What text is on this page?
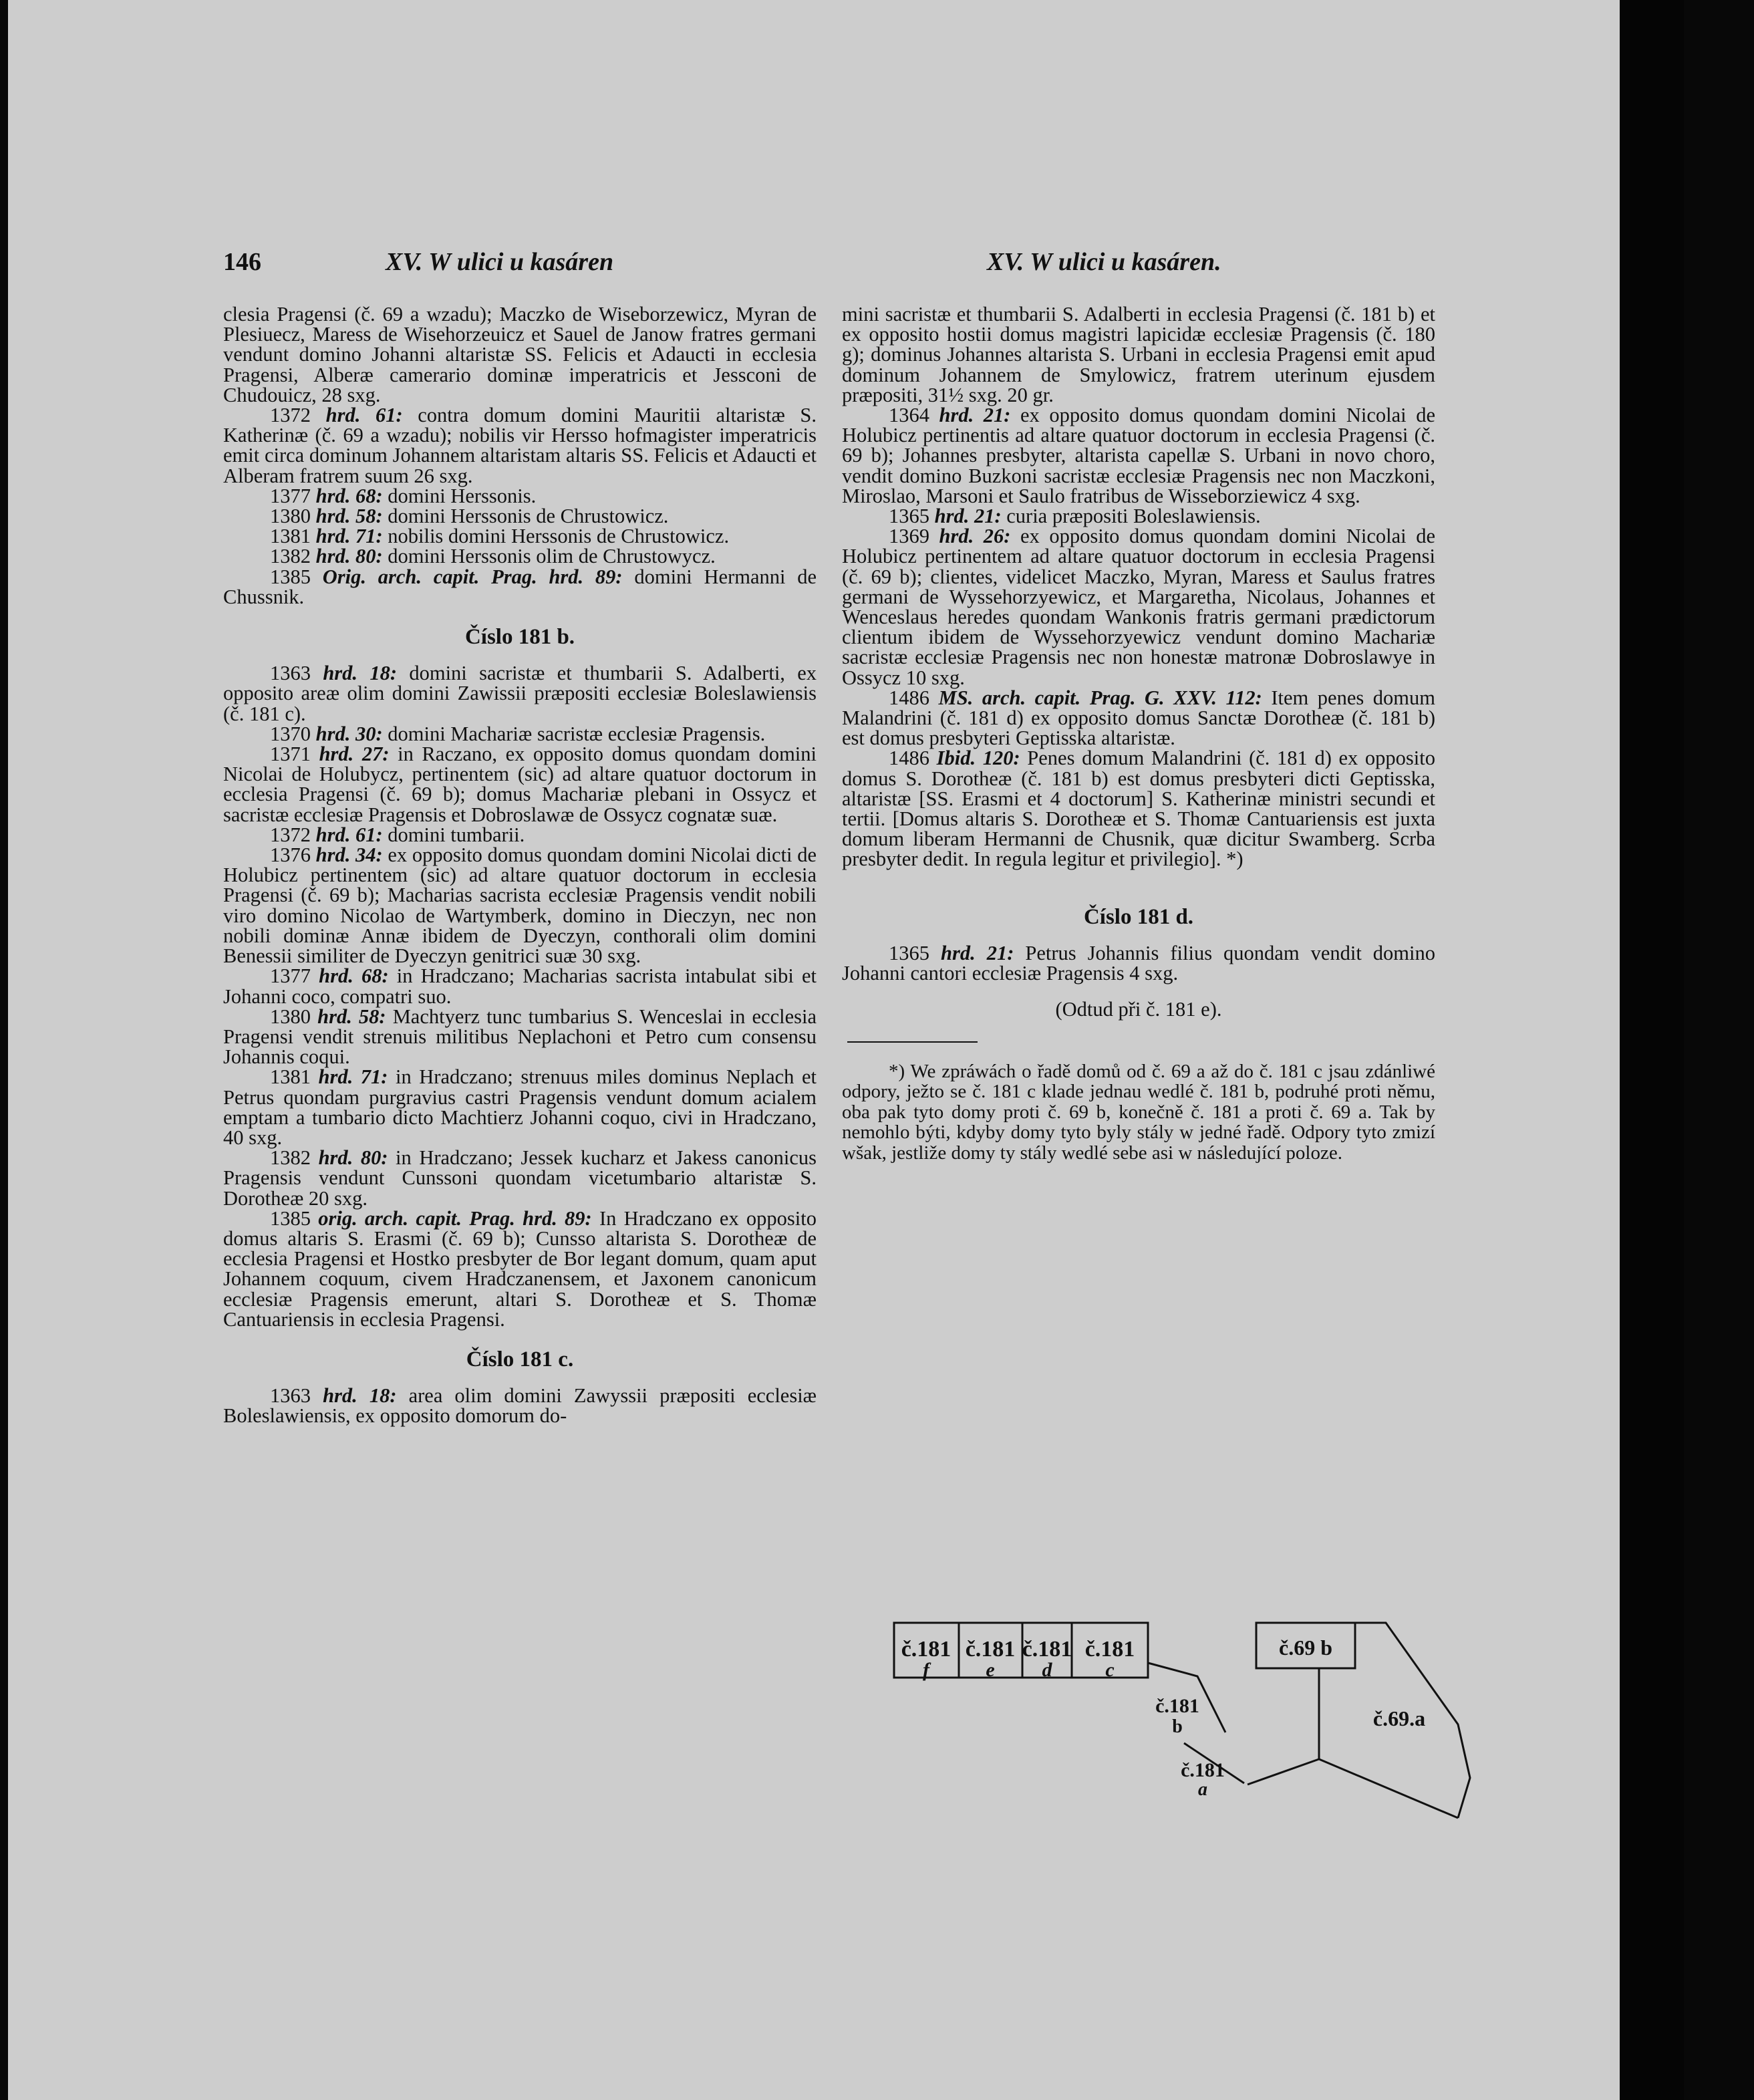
146	XV. W ulici u kasáren	XV. W ulici u kasáren.

clesia Pragensi (č. 69 a wzadu); Maczko de Wiseborzewicz, Myran de Plesiuecz, Maress de Wisehorzeuicz et Sauel de Janow fratres germani vendunt domino Johanni altaristæ SS. Felicis et Adaucti in ecclesia Pragensi, Alberæ camerario dominæ imperatricis et Jessconi de Chudouicz, 28 sxg.

1372 hrd. 61: contra domum domini Mauritii altaristæ S. Katherinæ (č. 69 a wzadu); nobilis vir Hersso hofmagister imperatricis emit circa dominum Johannem altaristam altaris SS. Felicis et Adaucti et Alberam fratrem suum 26 sxg.

1377 hrd. 68: domini Herssonis.

1380 hrd. 58: domini Herssonis de Chrustowicz.

1381 hrd. 71: nobilis domini Herssonis de Chrustowicz.

1382 hrd. 80: domini Herssonis olim de Chrustowycz.

1385 Orig. arch. capit. Prag. hrd. 89: domini Hermanni de Chussnik.

Číslo 181 b.

1363 hrd. 18: domini sacristæ et thumbarii S. Adalberti, ex opposito areæ olim domini Zawissii præpositi ecclesiæ Boleslawiensis (č. 181 c).

1370 hrd. 30: domini Machariæ sacristæ ecclesiæ Pragensis.

1371 hrd. 27: in Raczano, ex opposito domus quondam domini Nicolai de Holubycz, pertinentem (sic) ad altare quatuor doctorum in ecclesia Pragensi (č. 69 b); domus Machariæ plebani in Ossycz et sacristæ ecclesiæ Pragensis et Dobroslawæ de Ossycz cognatæ suæ.

1372 hrd. 61: domini tumbarii.

1376 hrd. 34: ex opposito domus quondam domini Nicolai dicti de Holubicz pertinentem (sic) ad altare quatuor doctorum in ecclesia Pragensi (č. 69 b); Macharias sacrista ecclesiæ Pragensis vendit nobili viro domino Nicolao de Wartymberk, domino in Dieczyn, nec non nobili dominæ Annæ ibidem de Dyeczyn, conthorali olim domini Benessii similiter de Dyeczyn genitrici suæ 30 sxg.

1377 hrd. 68: in Hradczano; Macharias sacrista intabulat sibi et Johanni coco, compatri suo.

1380 hrd. 58: Machtyerz tunc tumbarius S. Wenceslai in ecclesia Pragensi vendit strenuis militibus Neplachoni et Petro cum consensu Johannis coqui.

1381 hrd. 71: in Hradczano; strenuus miles dominus Neplach et Petrus quondam purgravius castri Pragensis vendunt domum acialem emptam a tumbario dicto Machtierz Johanni coquo, civi in Hradczano, 40 sxg.

1382 hrd. 80: in Hradczano; Jessek kucharz et Jakess canonicus Pragensis vendunt Cunssoni quondam vicetumbario altaristæ S. Dorotheæ 20 sxg.

1385 orig. arch. capit. Prag. hrd. 89: In Hradczano ex opposito domus altaris S. Erasmi (č. 69 b); Cunsso altarista S. Dorotheæ de ecclesia Pragensi et Hostko presbyter de Bor legant domum, quam aput Johannem coquum, civem Hradczanensem, et Jaxonem canonicum ecclesiæ Pragensis emerunt, altari S. Dorotheæ et S. Thomæ Cantuariensis in ecclesia Pragensi.

Číslo 181 c.

1363 hrd. 18: area olim domini Zawyssii præpositi ecclesiæ Boleslawiensis, ex opposito domorum do-

mini sacristæ et thumbarii S. Adalberti in ecclesia Pragensi (č. 181 b) et ex opposito hostii domus magistri lapicidæ ecclesiæ Pragensis (č. 180 g); dominus Johannes altarista S. Urbani in ecclesia Pragensi emit apud dominum Johannem de Smylowicz, fratrem uterinum ejusdem præpositi, 31½ sxg. 20 gr.

1364 hrd. 21: ex opposito domus quondam domini Nicolai de Holubicz pertinentis ad altare quatuor doctorum in ecclesia Pragensi (č. 69 b); Johannes presbyter, altarista capellæ S. Urbani in novo choro, vendit domino Buzkoni sacristæ ecclesiæ Pragensis nec non Maczkoni, Miroslao, Marsoni et Saulo fratribus de Wisseborziewicz 4 sxg.

1365 hrd. 21: curia præpositi Boleslawiensis.

1369 hrd. 26: ex opposito domus quondam domini Nicolai de Holubicz pertinentem ad altare quatuor doctorum in ecclesia Pragensi (č. 69 b); clientes, videlicet Maczko, Myran, Maress et Saulus fratres germani de Wyssehorzyewicz, et Margaretha, Nicolaus, Johannes et Wenceslaus heredes quondam Wankonis fratris germani prædictorum clientum ibidem de Wyssehorzyewicz vendunt domino Machariæ sacristæ ecclesiæ Pragensis nec non honestæ matronæ Dobroslawye in Ossycz 10 sxg.

1486 MS. arch. capit. Prag. G. XXV. 112: Item penes domum Malandrini (č. 181 d) ex opposito domus Sanctæ Dorotheæ (č. 181 b) est domus presbyteri Geptisska altaristæ.

1486 Ibid. 120: Penes domum Malandrini (č. 181 d) ex opposito domus S. Dorotheæ (č. 181 b) est domus presbyteri dicti Geptisska, altaristæ [SS. Erasmi et 4 doctorum] S. Katherinæ ministri secundi et tertii. [Domus altaris S. Dorotheæ et S. Thomæ Cantuariensis est juxta domum liberam Hermanni de Chusnik, quæ dicitur Swamberg. Scrba presbyter dedit. In regula legitur et privilegio]. *)

Číslo 181 d.

1365 hrd. 21: Petrus Johannis filius quondam vendit domino Johanni cantori ecclesiæ Pragensis 4 sxg.

(Odtud při č. 181 e).

*) We zpráwách o řadě domů od č. 69 a až do č. 181 c jsau zdánliwé odpory, ježto se č. 181 c klade jednau wedlé č. 181 b, podruhé proti němu, oba pak tyto domy proti č. 69 b, konečně č. 181 a proti č. 69 a. Tak by nemohlo býti, kdyby domy tyto byly stály w jedné řadě. Odpory tyto zmizí wšak, jestliže domy ty stály wedlé sebe asi w následující poloze.

č.181
f
č.181
e
č.181
d
č.181
c
č.181
b
č.181
a
č.69 b
č.69.a
